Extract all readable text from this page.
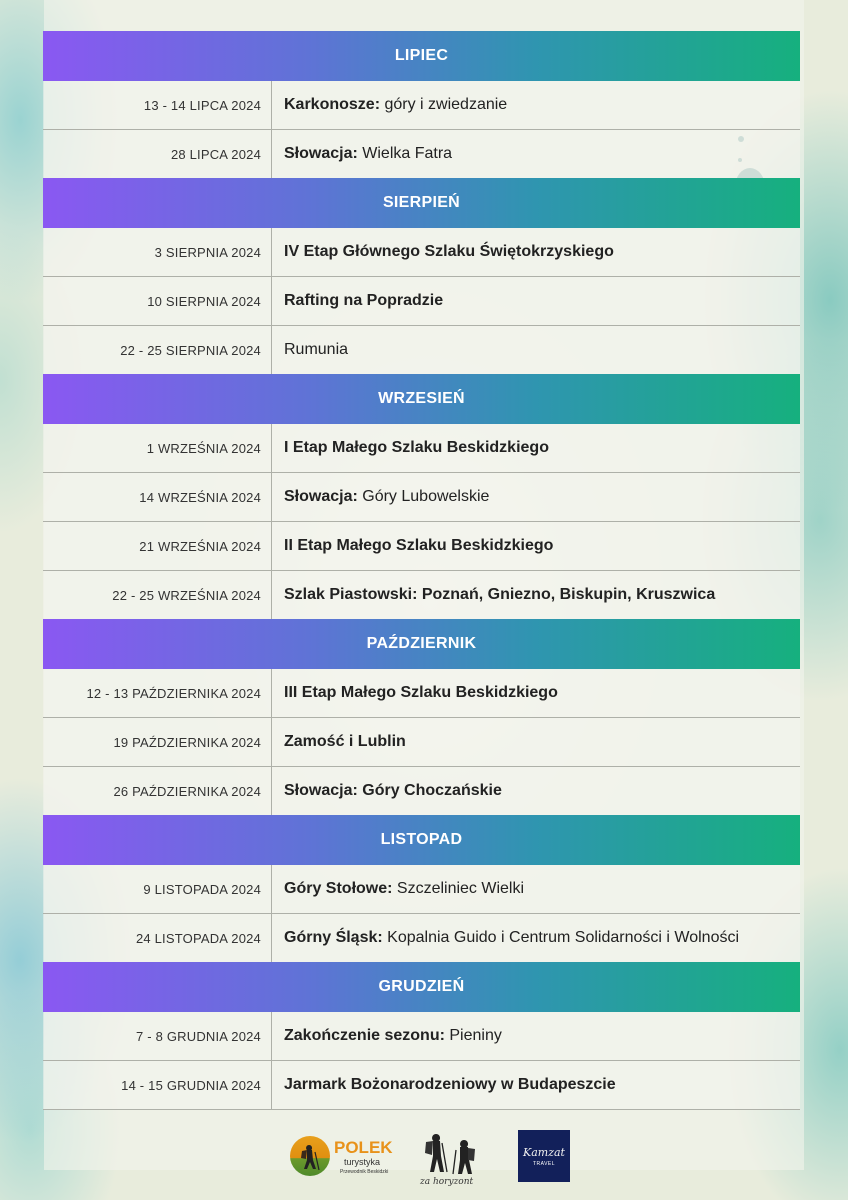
LIPIEC
13 - 14 LIPCA 2024	Karkonosze: góry i zwiedzanie
28 LIPCA 2024	Słowacja: Wielka Fatra
SIERPIEŃ
3 SIERPNIA 2024	IV Etap Głównego Szlaku Świętokrzyskiego
10 SIERPNIA 2024	Rafting na Popradzie
22 - 25 SIERPNIA 2024	Rumunia
WRZESIEŃ
1 WRZEŚNIA 2024	I Etap Małego Szlaku Beskidzkiego
14 WRZEŚNIA 2024	Słowacja: Góry Lubowelskie
21 WRZEŚNIA 2024	II Etap Małego Szlaku Beskidzkiego
22 - 25 WRZEŚNIA 2024	Szlak Piastowski: Poznań, Gniezno, Biskupin, Kruszwica
PAŹDZIERNIK
12 - 13 PAŹDZIERNIKA 2024	III Etap Małego Szlaku Beskidzkiego
19 PAŹDZIERNIKA 2024	Zamość i Lublin
26 PAŹDZIERNIKA 2024	Słowacja: Góry Choczańskie
LISTOPAD
9 LISTOPADA 2024	Góry Stołowe: Szczeliniec Wielki
24 LISTOPADA 2024	Górny Śląsk: Kopalnia Guido i Centrum Solidarności i Wolności
GRUDZIEŃ
7 - 8 GRUDNIA 2024	Zakończenie sezonu: Pieniny
14 - 15 GRUDNIA 2024	Jarmark Bożonarodzeniowy w Budapeszcie
POLEK
turystyka
Przewodnik Beskidzki
za horyzont
Kamzat
TRAVEL
